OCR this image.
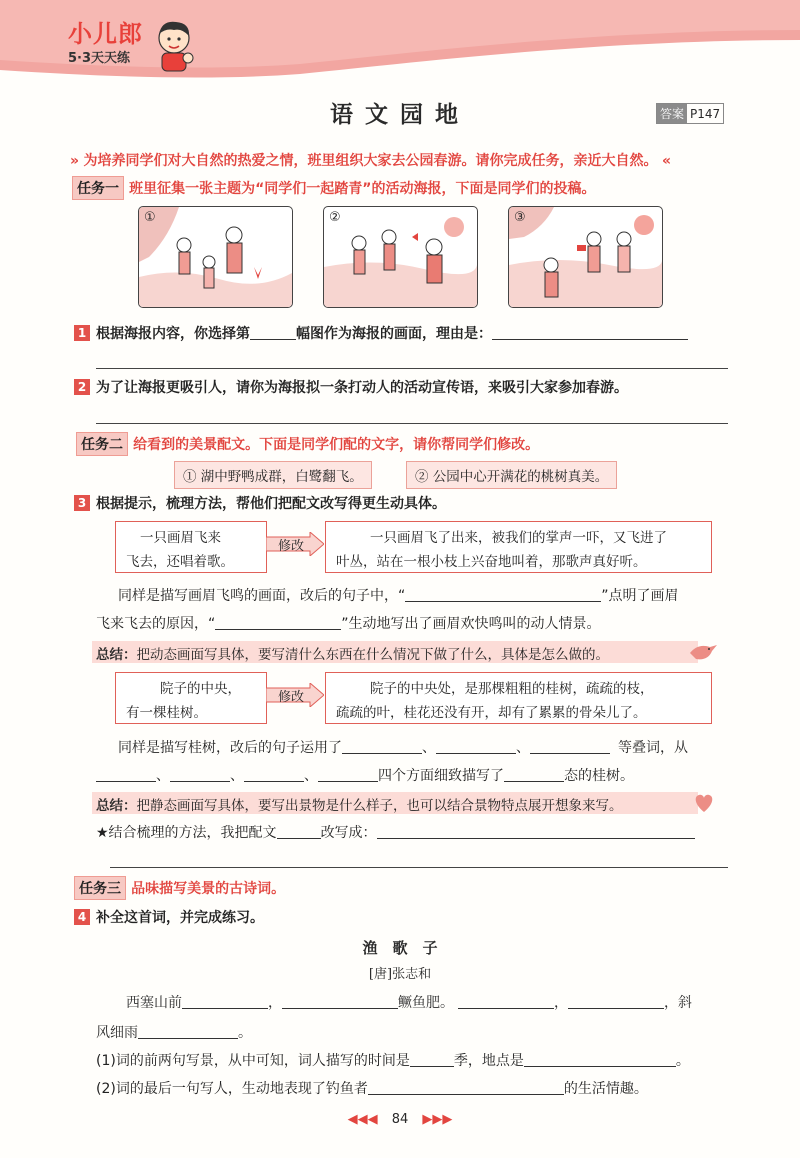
小儿郎
5·3天天练
语文园地	答案 P147
» 为培养同学们对大自然的热爱之情，班里组织大家去公园春游。请你完成任务，亲近大自然。 «
任务一 班里征集一张主题为“同学们一起踏青”的活动海报，下面是同学们的投稿。
①	②	③
1 根据海报内容，你选择第	幅图作为海报的画面，理由是：
2 为了让海报更吸引人，请你为海报拟一条打动人的活动宣传语，来吸引大家参加春游。
任务二 给看到的美景配文。下面是同学们配的文字，请你帮同学们修改。
① 湖中野鸭成群，白鹭翻飞。	② 公园中心开满花的桃树真美。
3 根据提示，梳理方法，帮他们把配文改写得更生动具体。
一只画眉飞来
飞去，还唱着歌。
修改
一只画眉飞了出来，被我们的掌声一吓，又飞进了
叶丛，站在一根小枝上兴奋地叫着，那歌声真好听。
同样是描写画眉飞鸣的画面，改后的句子中，“	”点明了画眉
飞来飞去的原因，“	”生动地写出了画眉欢快鸣叫的动人情景。
总结：把动态画面写具体，要写清什么东西在什么情况下做了什么，具体是怎么做的。
院子的中央，
有一棵桂树。
修改
院子的中央处，是那棵粗粗的桂树，疏疏的枝，
疏疏的叶，桂花还没有开，却有了累累的骨朵儿了。
同样是描写桂树，改后的句子运用了	、	、	等叠词，从
、	、	、	四个方面细致描写了	态的桂树。
总结：把静态画面写具体，要写出景物是什么样子，也可以结合景物特点展开想象来写。
★结合梳理的方法，我把配文	改写成：
任务三 品味描写美景的古诗词。
4 补全这首词，并完成练习。
渔　歌　子
[唐]张志和
西塞山前	，	鳜鱼肥。	，	，斜
风细雨	。
(1)词的前两句写景，从中可知，词人描写的时间是	季，地点是	。
(2)词的最后一句写人，生动地表现了钓鱼者	的生活情趣。
◀◀◀ 84 ▶▶▶
